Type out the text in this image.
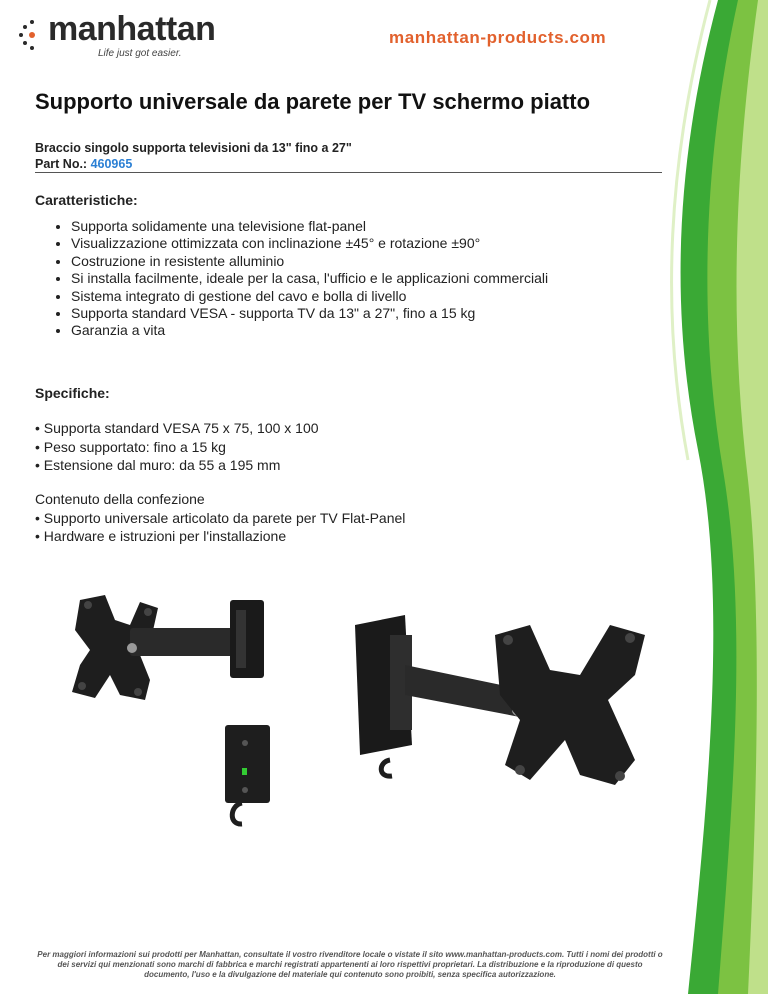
manhattan
Life just got easier.
manhattan-products.com
Supporto universale da parete per TV schermo piatto
Braccio singolo supporta televisioni da 13" fino a 27"
Part No.: 460965
Caratteristiche:
• Supporta solidamente una televisione flat-panel
• Visualizzazione ottimizzata con inclinazione ±45° e rotazione ±90°
• Costruzione in resistente alluminio
• Si installa facilmente, ideale per la casa, l'ufficio e le applicazioni commerciali
• Sistema integrato di gestione del cavo e bolla di livello
• Supporta standard VESA - supporta TV da 13" a 27", fino a 15 kg
• Garanzia a vita
Specifiche:
• Supporta standard VESA 75 x 75, 100 x 100
• Peso supportato: fino a 15 kg
• Estensione dal muro: da 55 a 195 mm
Contenuto della confezione
• Supporto universale articolato da parete per TV Flat-Panel
• Hardware e istruzioni per l'installazione
Per maggiori informazioni sui prodotti per Manhattan, consultate il vostro rivenditore locale o vistate il sito www.manhattan-products.com. Tutti i nomi dei prodotti o dei servizi qui menzionati sono marchi di fabbrica e marchi registrati appartenenti ai loro rispettivi proprietari. La distribuzione e la riproduzione di questo documento, l'uso e la divulgazione del materiale qui contenuto sono proibiti, senza specifica autorizzazione.
